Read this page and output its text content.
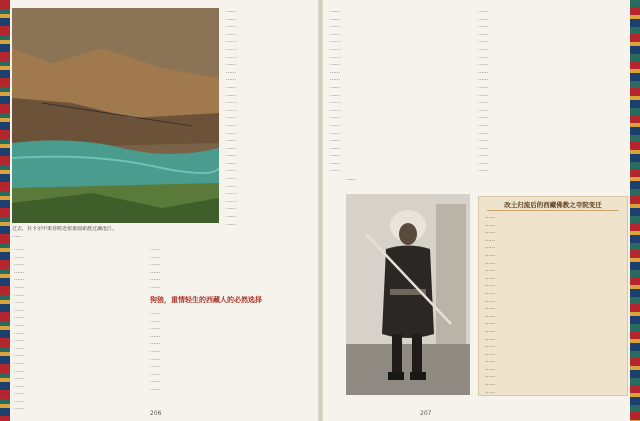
过去，在卡尔甲果谷附近依靠溜索渡过澜沧江。
……
……
……
……
……
……
……
……
……
……
……
……
……
……
……
……
……
……
……
……
……
……
……
……
……
……
……
……
……
……
……
……
……
……
……
……
……
……
……
……
……
……
……
……
……
……
……
……
……
……
……
……
……
……
……
……
……
……
狗狼，重情轻生的西藏人的必然选择
……
……
……
……
……
……
……
……
……
……
……
206
……
……
……
……
……
……
……
……
……
……
……
……
……
……
……
……
……
……
……
……
……
……
……
……
……
……
……
……
……
……
……
……
……
……
……
……
……
……
……
……
……
……
……
……
……
改土归流后的西藏佛教之寺院变迁
……
……
……
……
……
……
……
……
……
……
……
……
……
……
……
……
……
……
……
……
……
……
……
……
207
